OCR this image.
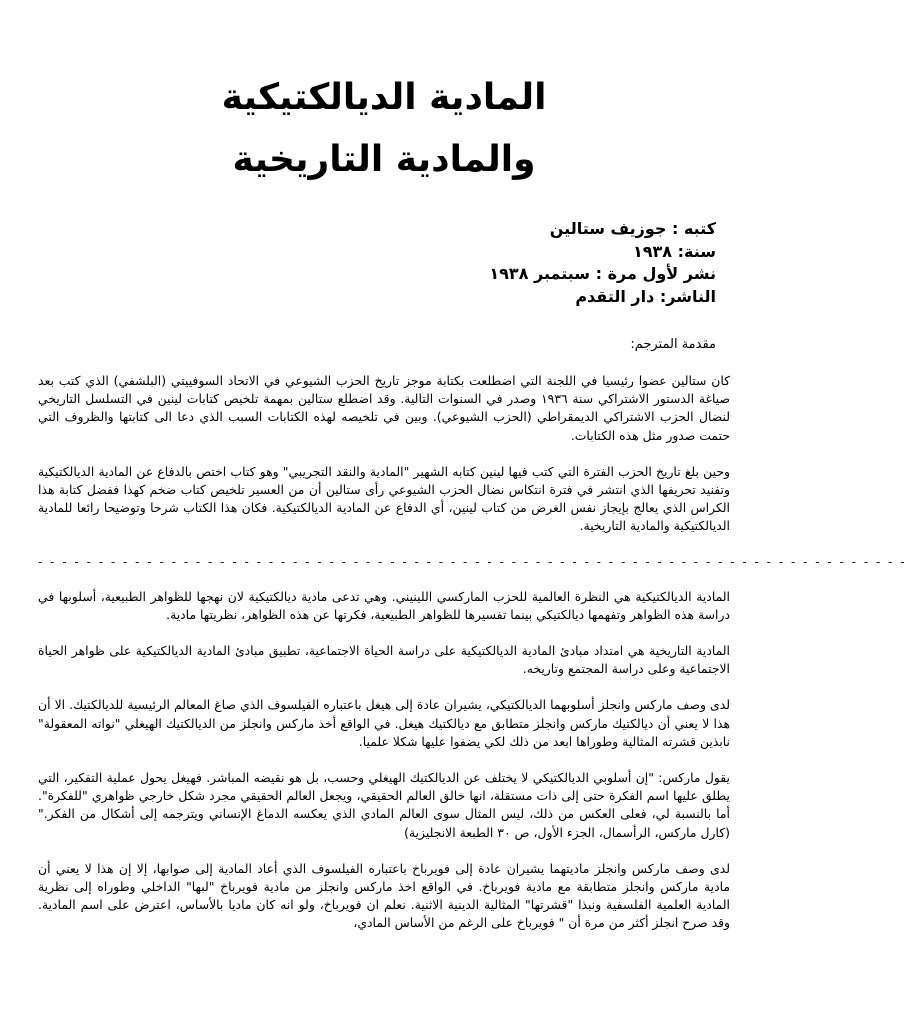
المادية الديالكتيكية
والمادية التاريخية
كتبه : جوزيف ستالين
سنة: ١٩٣٨
نشر لأول مرة : سبتمبر ١٩٣٨
الناشر: دار التقدم
مقدمة المترجم:

كان ستالين عضوا رئيسيا في اللجنة التي اضطلعت بكتابة موجز تاريخ الحزب الشيوعي في الاتحاد السوفييتي (البلشفي) الذي كتب بعد صياغة الدستور الاشتراكي سنة ١٩٣٦ وصدر في السنوات التالية. وقد اضطلع ستالين بمهمة تلخيص كتابات لينين في التسلسل التاريخي لنضال الحزب الاشتراكي الديمقراطي (الحزب الشيوعي). وبين في تلخيصه لهذه الكتابات السبب الذي دعا الى كتابتها والظروف التي حتمت صدور مثل هذه الكتابات.

وحين بلغ تاريخ الحزب الفترة التي كتب فيها لينين كتابه الشهير "المادية والنقد التجريبي" وهو كتاب اختص بالدفاع عن المادية الديالكتيكية وتفنيد تحريفها الذي انتشر في فترة انتكاس نضال الحزب الشيوعي رأى ستالين أن من العسير تلخيص كتاب ضخم كهذا ففضل كتابة هذا الكراس الذي يعالج بإيجاز نفس الغرض من كتاب لينين، أي الدفاع عن المادية الديالكتيكية. فكان هذا الكتاب شرحا وتوضيحا رائعا للمادية الديالكتيكية والمادية التاريخية.

- - - - - - - - - - - - - - - - - - - - - - - - - - - - - - - - - - - - - - - - - - - - - - - - - - - - - - - - - - - - - - - - - - - - - - - -

المادية الديالكتيكية هي النظرة العالمية للحزب الماركسي اللينيني. وهي تدعى مادية ديالكتيكية لان نهجها للظواهر الطبيعية، أسلوبها في دراسة هذه الظواهر وتفهمها ديالكتيكي بينما تفسيرها للظواهر الطبيعية، فكرتها عن هذه الظواهر، نظريتها مادية.

المادية التاريخية هي امتداد مبادئ المادية الديالكتيكية على دراسة الحياة الاجتماعية، تطبيق مبادئ المادية الديالكتيكية على ظواهر الحياة الاجتماعية وعلى دراسة المجتمع وتاريخه.

لدى وصف ماركس وانجلز أسلوبهما الديالكتيكي، يشيران عادة إلى هيغل باعتباره الفيلسوف الذي صاغ المعالم الرئيسية للديالكتيك. الا أن هذا لا يعني أن ديالكتيك ماركس وانجلز متطابق مع ديالكتيك هيغل. في الواقع أخذ ماركس وانجلز من الديالكتيك الهيغلي "نواته المعقولة" نابذين قشرته المثالية وطوراها ابعد من ذلك لكي يضفوا عليها شكلا علميا.

يقول ماركس: "إن أسلوبي الديالكتيكي لا يختلف عن الديالكتيك الهيغلي وحسب، بل هو نقيضه المباشر. فهيغل يحول عملية التفكير، التي يطلق عليها اسم الفكرة حتى إلى ذات مستقلة، انها خالق العالم الحقيقي، ويجعل العالم الحقيقي مجرد شكل خارجي ظواهري "للفكرة". أما بالنسبة لي، فعلى العكس من ذلك، ليس المثال سوى العالم المادي الذي يعكسه الدماغ الإنساني ويترجمه إلى أشكال من الفكر." (كارل ماركس، الرأسمال، الجزء الأول، ص ٣٠ الطبعة الانجليزية)

لدى وصف ماركس وانجلز ماديتهما يشيران عادة إلى فويرباخ باعتباره الفيلسوف الذي أعاد المادية إلى صوابها، إلا إن هذا لا يعني أن مادية ماركس وانجلز متطابقة مع مادية فويرباخ. في الواقع اخذ ماركس وانجلز من مادية فويرباخ "لبها" الداخلي وطوراه إلى نظرية المادية العلمية الفلسفية ونبذا "قشرتها" المثالية الدينية الاثنية. نعلم ان فويرباخ، ولو انه كان ماديا بالأساس، اعترض على اسم المادية. وقد صرح انجلز أكثر من مرة أن " فويرباخ على الرغم من الأساس المادي،
